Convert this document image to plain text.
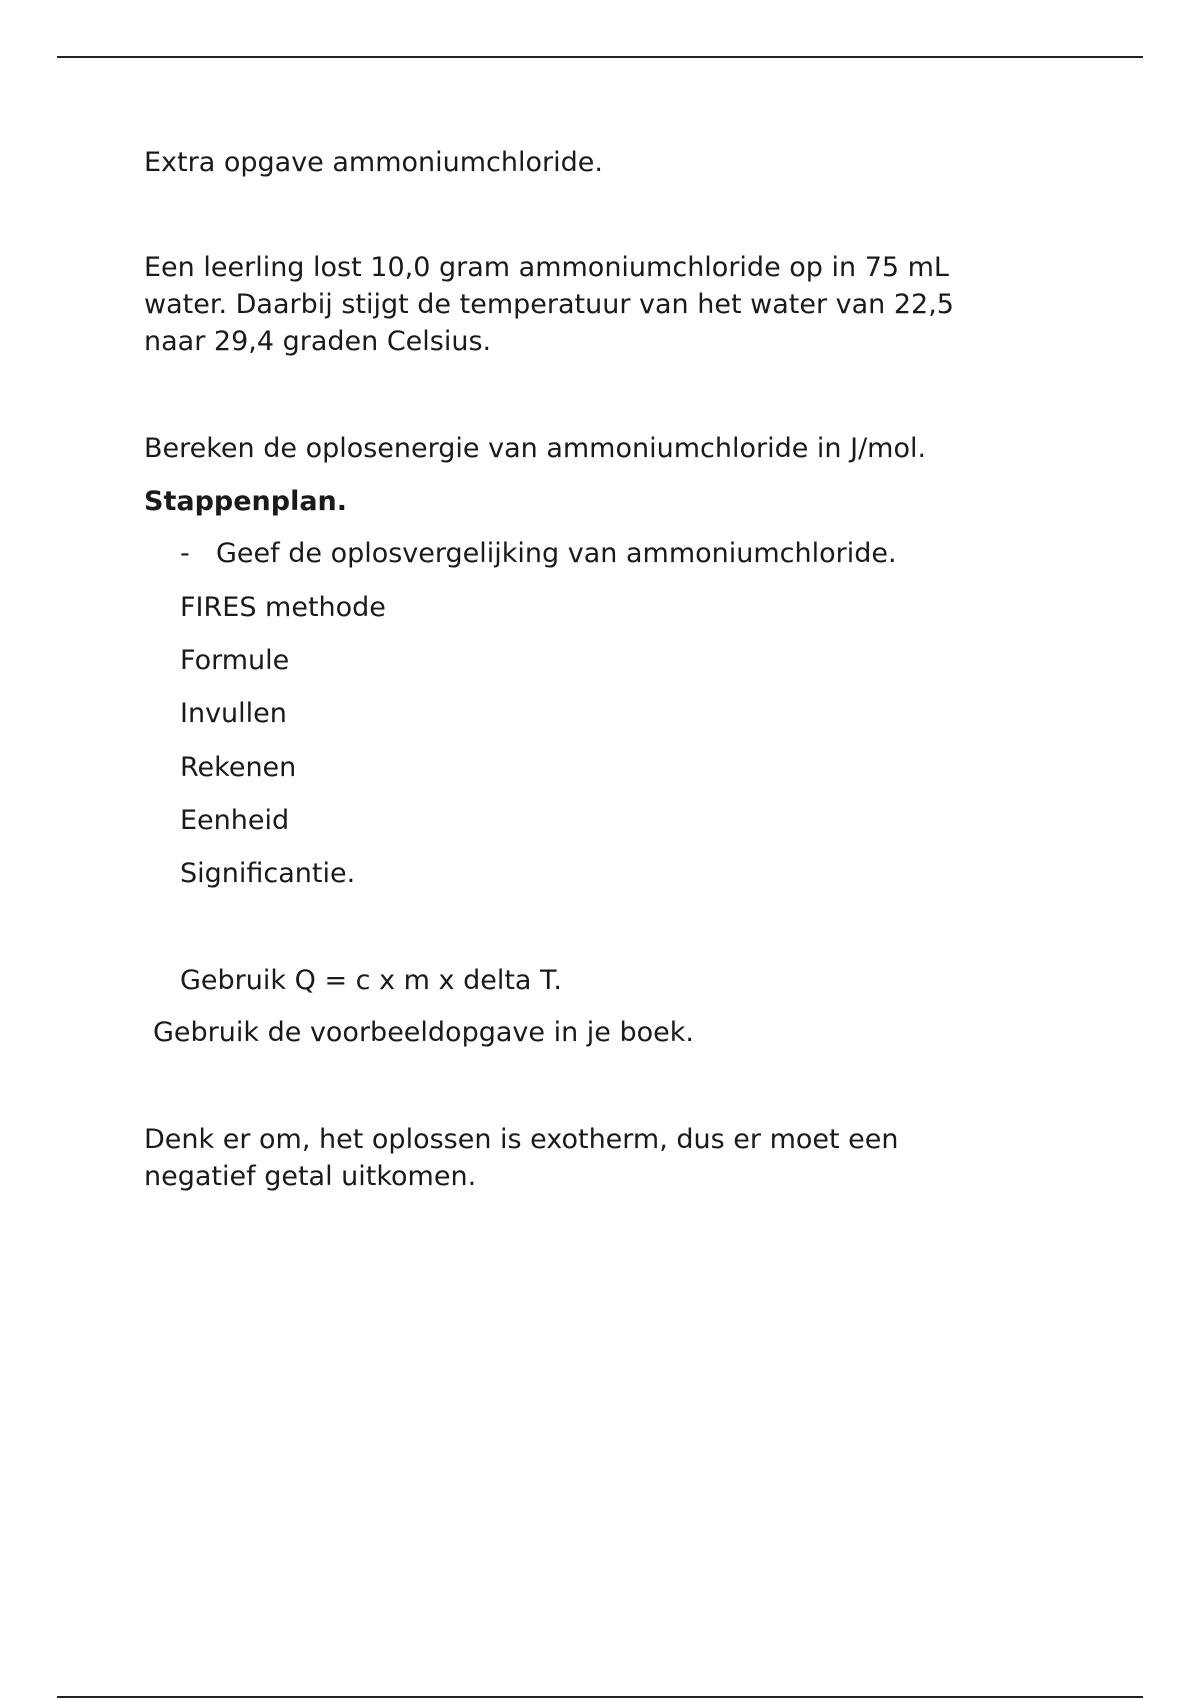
Extra opgave ammoniumchloride.
Een leerling lost 10,0 gram ammoniumchloride op in 75 mL
water. Daarbij stijgt de temperatuur van het water van 22,5
naar 29,4 graden Celsius.
Bereken de oplosenergie van ammoniumchloride in J/mol.
Stappenplan.
- Geef de oplosvergelijking van ammoniumchloride.
FIRES methode
Formule
Invullen
Rekenen
Eenheid
Significantie.
Gebruik Q = c x m x delta T.
Gebruik de voorbeeldopgave in je boek.
Denk er om, het oplossen is exotherm, dus er moet een
negatief getal uitkomen.
